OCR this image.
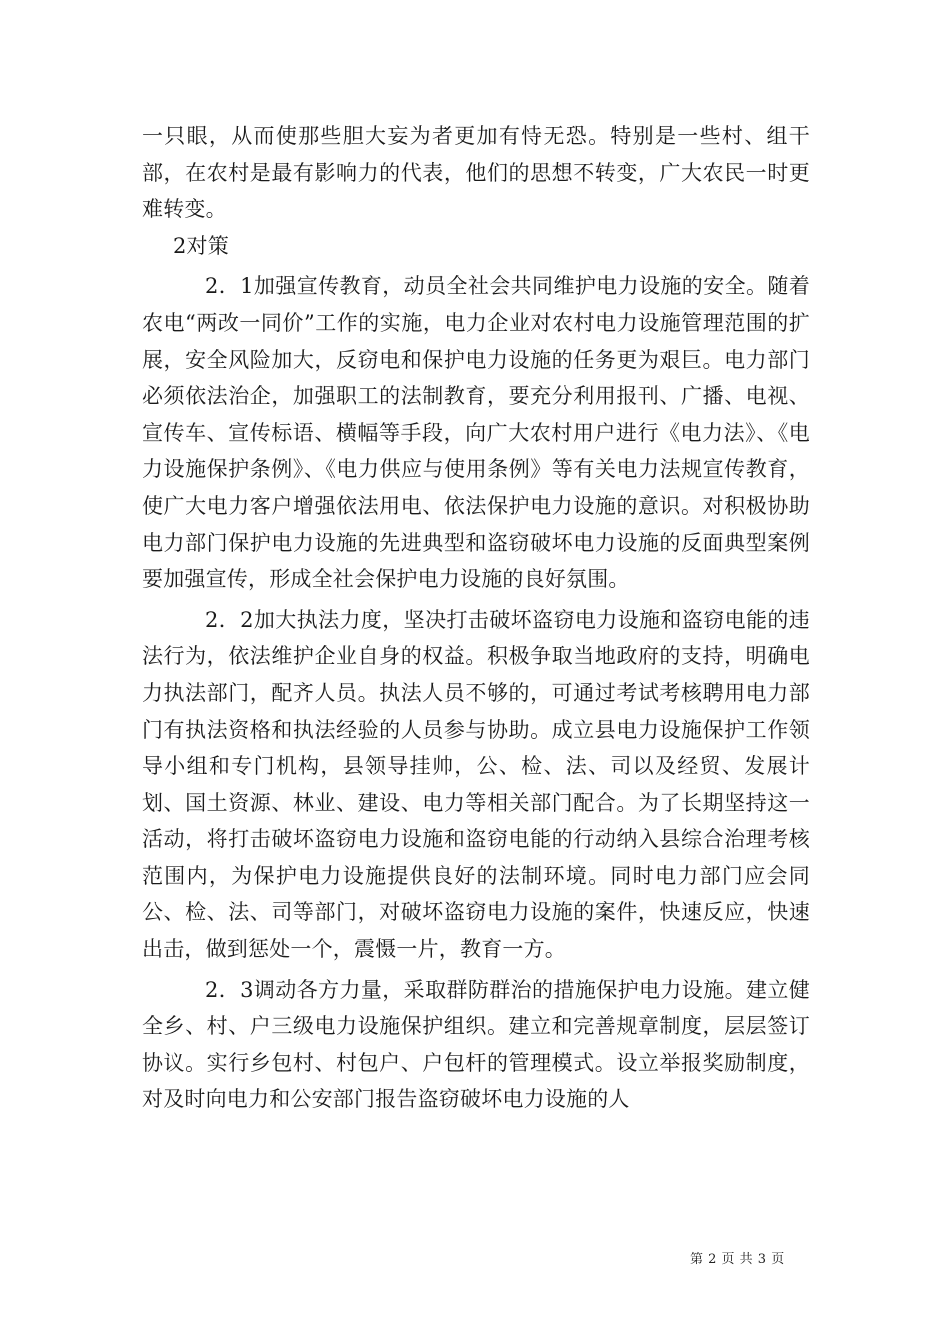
一只眼，从而使那些胆大妄为者更加有恃无恐。特别是一些村、组干部，在农村是最有影响力的代表，他们的思想不转变，广大农民一时更难转变。

2对策

2．1加强宣传教育，动员全社会共同维护电力设施的安全。随着农电“两改一同价”工作的实施，电力企业对农村电力设施管理范围的扩展，安全风险加大，反窃电和保护电力设施的任务更为艰巨。电力部门必须依法治企，加强职工的法制教育，要充分利用报刊、广播、电视、宣传车、宣传标语、横幅等手段，向广大农村用户进行《电力法》、《电力设施保护条例》、《电力供应与使用条例》等有关电力法规宣传教育，使广大电力客户增强依法用电、依法保护电力设施的意识。对积极协助电力部门保护电力设施的先进典型和盗窃破坏电力设施的反面典型案例要加强宣传，形成全社会保护电力设施的良好氛围。

2．2加大执法力度，坚决打击破坏盗窃电力设施和盗窃电能的违法行为，依法维护企业自身的权益。积极争取当地政府的支持，明确电力执法部门，配齐人员。执法人员不够的，可通过考试考核聘用电力部门有执法资格和执法经验的人员参与协助。成立县电力设施保护工作领导小组和专门机构，县领导挂帅，公、检、法、司以及经贸、发展计划、国土资源、林业、建设、电力等相关部门配合。为了长期坚持这一活动，将打击破坏盗窃电力设施和盗窃电能的行动纳入县综合治理考核范围内，为保护电力设施提供良好的法制环境。同时电力部门应会同公、检、法、司等部门，对破坏盗窃电力设施的案件，快速反应，快速出击，做到惩处一个，震慑一片，教育一方。

2．3调动各方力量，采取群防群治的措施保护电力设施。建立健全乡、村、户三级电力设施保护组织。建立和完善规章制度，层层签订协议。实行乡包村、村包户、户包杆的管理模式。设立举报奖励制度，对及时向电力和公安部门报告盗窃破坏电力设施的人

第 2 页 共 3 页
